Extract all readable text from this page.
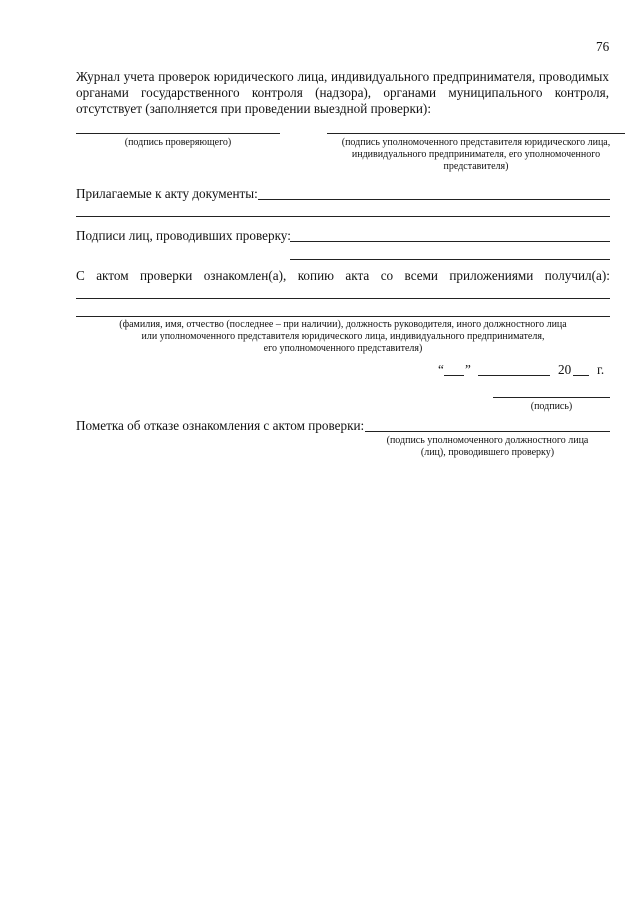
76
Журнал учета проверок юридического лица, индивидуального предпринимателя, проводимых
органами государственного контроля (надзора), органами муниципального контроля,
отсутствует (заполняется при проведении выездной проверки):
(подпись проверяющего)	(подпись уполномоченного представителя юридического лица,
индивидуального предпринимателя, его уполномоченного
представителя)
Прилагаемые к акту документы:
Подписи лиц, проводивших проверку:
С актом проверки ознакомлен(а), копию акта со всеми приложениями получил(а):
(фамилия, имя, отчество (последнее – при наличии), должность руководителя, иного должностного лица
или уполномоченного представителя юридического лица, индивидуального предпринимателя,
его уполномоченного представителя)
“ ”	20 г.
(подпись)
Пометка об отказе ознакомления с актом проверки:
(подпись уполномоченного должностного лица
(лиц), проводившего проверку)
